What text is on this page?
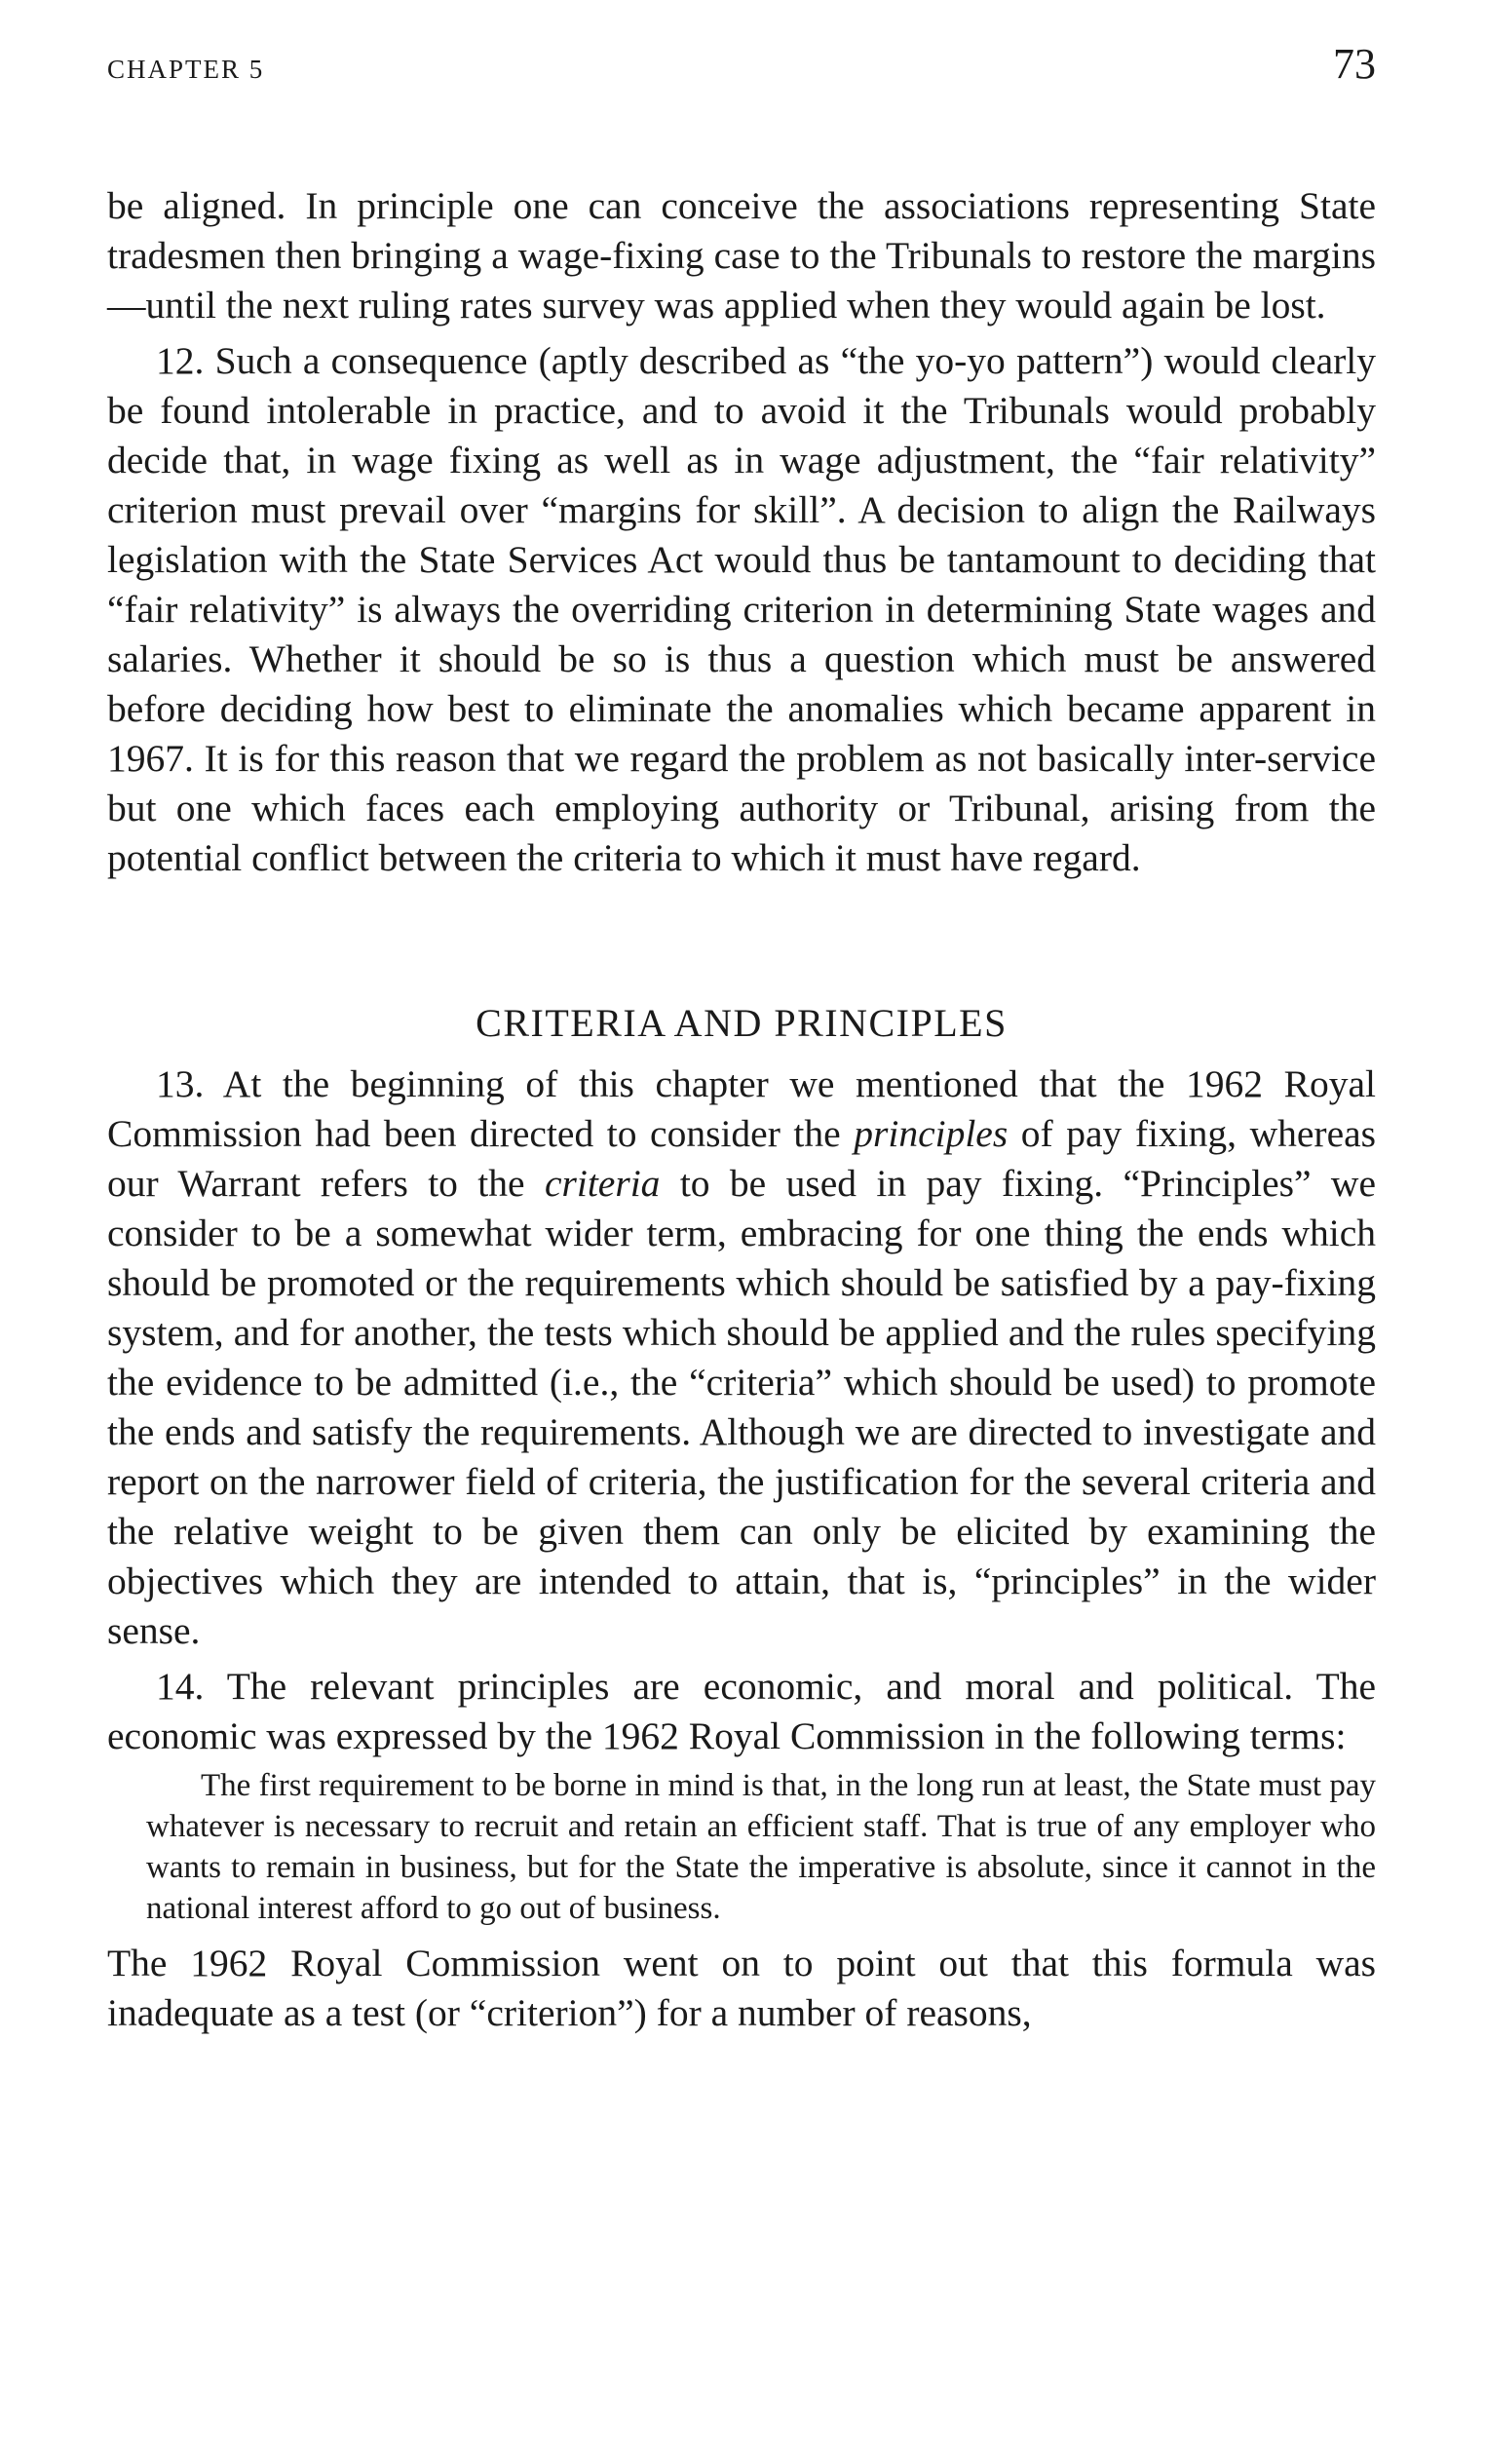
CHAPTER 5	73

be aligned. In principle one can conceive the associations representing State tradesmen then bringing a wage-fixing case to the Tribunals to restore the margins—until the next ruling rates survey was applied when they would again be lost.

12. Such a consequence (aptly described as “the yo-yo pattern”) would clearly be found intolerable in practice, and to avoid it the Tribunals would probably decide that, in wage fixing as well as in wage adjustment, the “fair relativity” criterion must prevail over “margins for skill”. A decision to align the Railways legislation with the State Services Act would thus be tantamount to deciding that “fair relativity” is always the overriding criterion in determining State wages and salaries. Whether it should be so is thus a question which must be answered before deciding how best to eliminate the anomalies which became apparent in 1967. It is for this reason that we regard the problem as not basically inter-service but one which faces each employing authority or Tribunal, arising from the potential conflict between the criteria to which it must have regard.

CRITERIA AND PRINCIPLES

13. At the beginning of this chapter we mentioned that the 1962 Royal Commission had been directed to consider the principles of pay fixing, whereas our Warrant refers to the criteria to be used in pay fixing. “Principles” we consider to be a somewhat wider term, embracing for one thing the ends which should be promoted or the requirements which should be satisfied by a pay-fixing system, and for another, the tests which should be applied and the rules specifying the evidence to be admitted (i.e., the “criteria” which should be used) to promote the ends and satisfy the requirements. Although we are directed to investigate and report on the narrower field of criteria, the justification for the several criteria and the relative weight to be given them can only be elicited by examining the objectives which they are intended to attain, that is, “principles” in the wider sense.

14. The relevant principles are economic, and moral and political. The economic was expressed by the 1962 Royal Commission in the following terms:

The first requirement to be borne in mind is that, in the long run at least, the State must pay whatever is necessary to recruit and retain an efficient staff. That is true of any employer who wants to remain in business, but for the State the imperative is absolute, since it cannot in the national interest afford to go out of business.

The 1962 Royal Commission went on to point out that this formula was inadequate as a test (or “criterion”) for a number of reasons,
